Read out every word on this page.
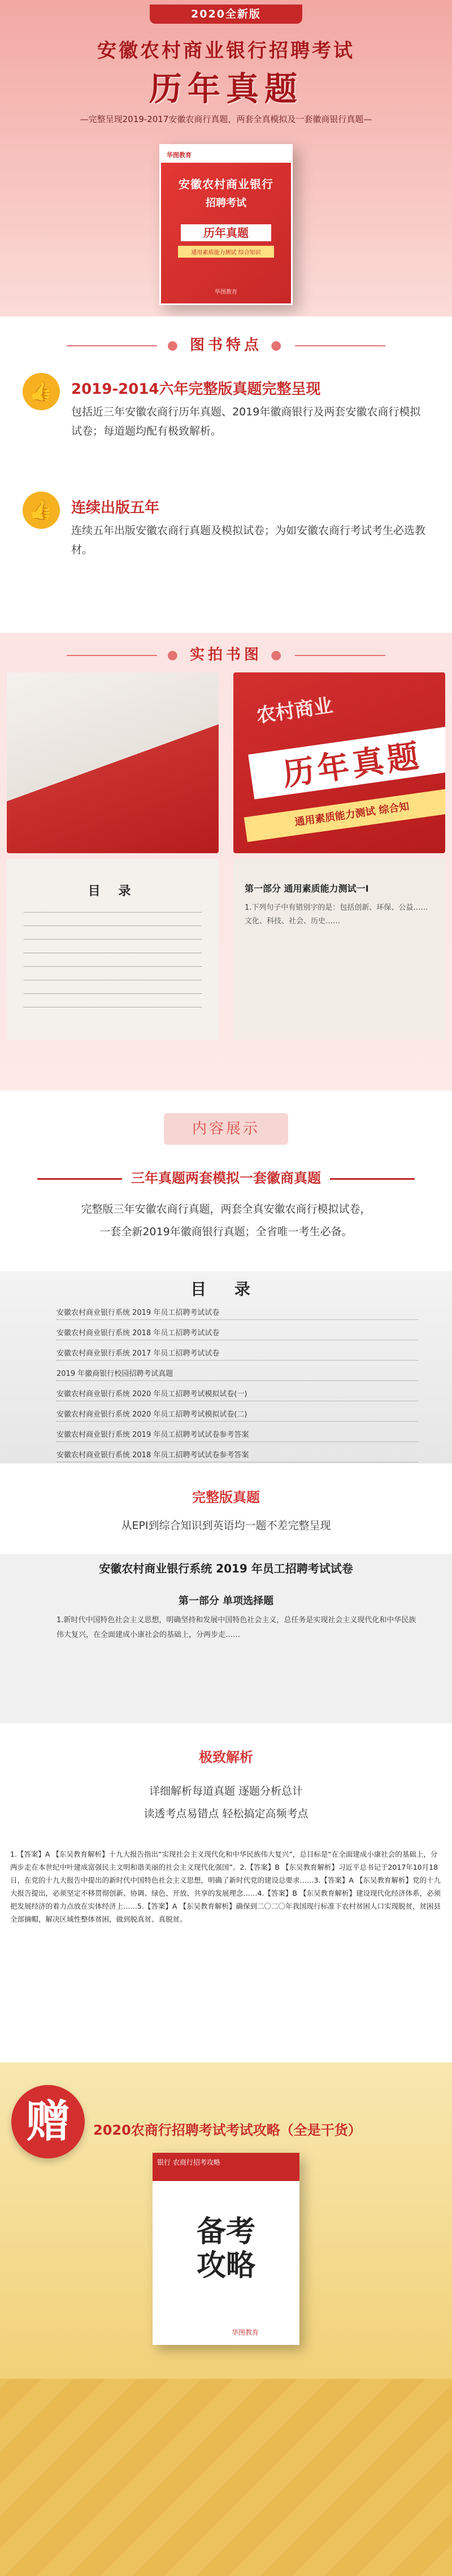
2020全新版
安徽农村商业银行招聘考试
历年真题
—完整呈现2019-2017安徽农商行真题，两套全真模拟及一套徽商银行真题—
华图教育
安徽农村商业银行
招聘考试
历年真题
通用素质能力测试 综合知识
华图教育
● 图书特点 ●
👍	2019-2014六年完整版真题完整呈现
包括近三年安徽农商行历年真题、2019年徽商银行及两套安徽农商行模拟试卷；每道题均配有极致解析。
👍	连续出版五年
连续五年出版安徽农商行真题及模拟试卷；为如安徽农商行考试考生必选教材。
● 实拍书图 ●
农村商业
历年真题
通用素质能力测试 综合知
目 录	第一部分 通用素质能力测试一I
1.下列句子中有错别字的是：包括创新、环保、公益…… 文化、科技、社会、历史……
内容展示
三年真题两套模拟一套徽商真题
完整版三年安徽农商行真题，两套全真安徽农商行模拟试卷，
一套全新2019年徽商银行真题；全省唯一考生必备。
目 录
安徽农村商业银行系统 2019 年员工招聘考试试卷
安徽农村商业银行系统 2018 年员工招聘考试试卷
安徽农村商业银行系统 2017 年员工招聘考试试卷
2019 年徽商银行校园招聘考试真题
安徽农村商业银行系统 2020 年员工招聘考试模拟试卷(一)
安徽农村商业银行系统 2020 年员工招聘考试模拟试卷(二)
安徽农村商业银行系统 2019 年员工招聘考试试卷参考答案
安徽农村商业银行系统 2018 年员工招聘考试试卷参考答案
完整版真题
从EPI到综合知识到英语均一题不差完整呈现
安徽农村商业银行系统 2019 年员工招聘考试试卷
第一部分 单项选择题
1.新时代中国特色社会主义思想，明确坚持和发展中国特色社会主义，总任务是实现社会主义现代化和中华民族伟大复兴，在全面建成小康社会的基础上，分两步走……
极致解析
详细解析每道真题 逐题分析总计
读透考点易错点 轻松搞定高频考点
1.【答案】A 【东吴教育解析】十九大报告指出“实现社会主义现代化和中华民族伟大复兴”，总目标是“在全面建成小康社会的基础上，分两步走在本世纪中叶建成富强民主文明和谐美丽的社会主义现代化强国”。2.【答案】B 【东吴教育解析】习近平总书记于2017年10月18日，在党的十九大报告中提出的新时代中国特色社会主义思想，明确了新时代党的建设总要求……3.【答案】A 【东吴教育解析】党的十九大报告提出，必须坚定不移贯彻创新、协调、绿色、开放、共享的发展理念……4.【答案】B 【东吴教育解析】建设现代化经济体系，必须把发展经济的着力点放在实体经济上……5.【答案】A 【东吴教育解析】确保到二〇二〇年我国现行标准下农村贫困人口实现脱贫，贫困县全部摘帽，解决区域性整体贫困，做到脱真贫、真脱贫。
赠	2020农商行招聘考试考试攻略（全是干货）
银行 农商行招考攻略
备考
攻略
华图教育
